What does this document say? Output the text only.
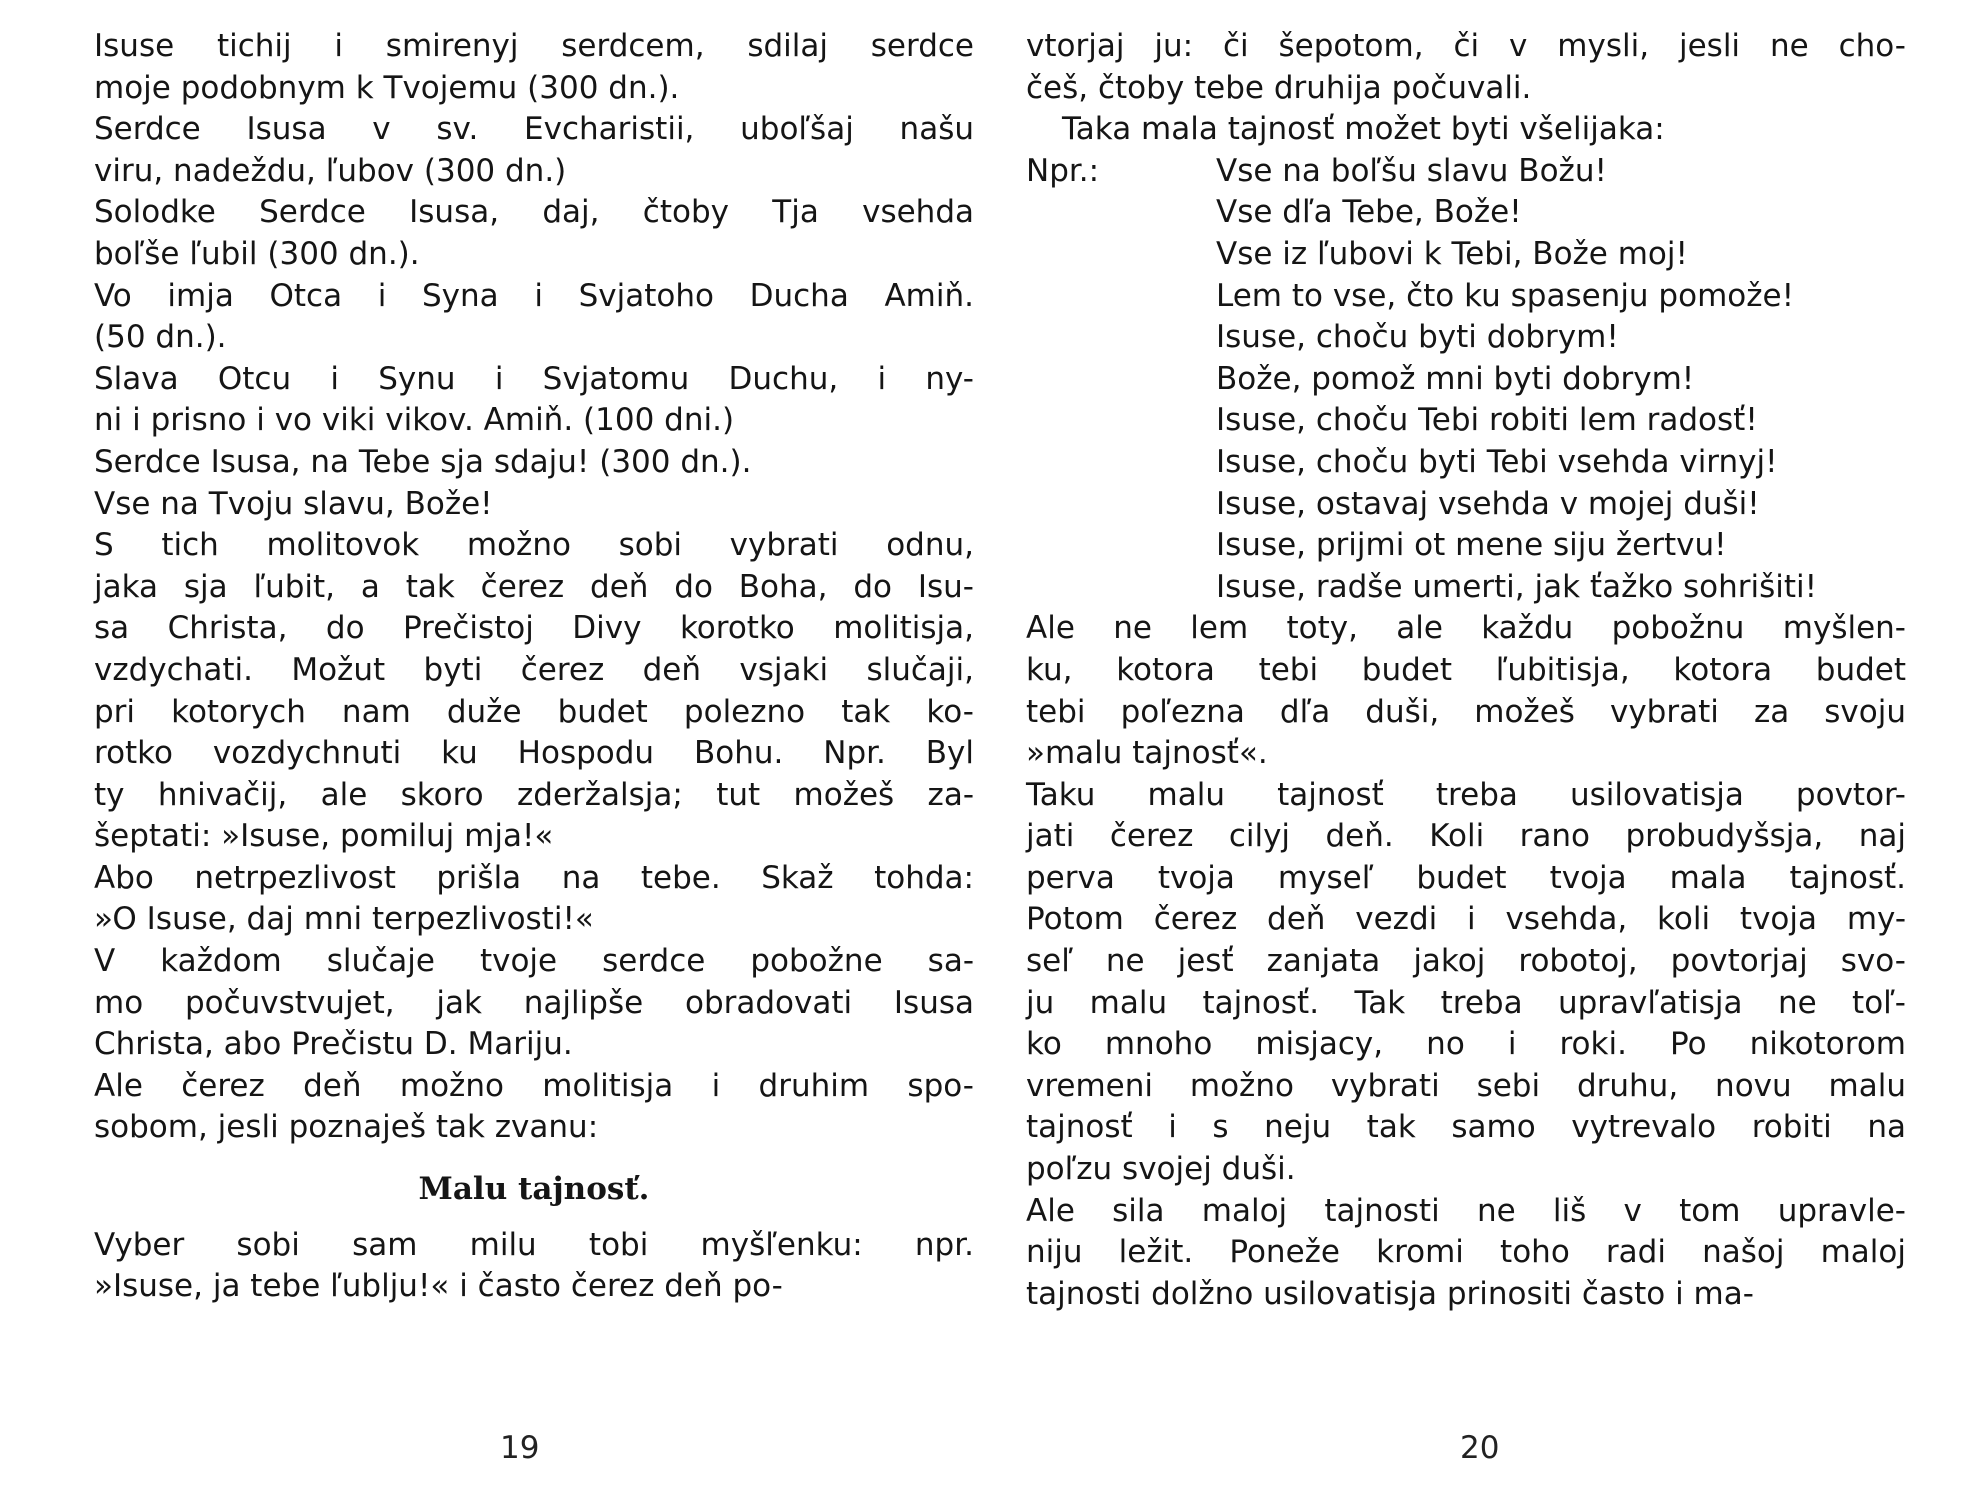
Isuse tichij i smirenyj serdcem, sdilaj serdce
moje podobnym k Tvojemu (300 dn.).
Serdce Isusa v sv. Evcharistii, uboľšaj našu
viru, nadeždu, ľubov (300 dn.)
Solodke Serdce Isusa, daj, čtoby Tja vsehda
boľše ľubil (300 dn.).
Vo imja Otca i Syna i Svjatoho Ducha Amiň.
(50 dn.).
Slava Otcu i Synu i Svjatomu Duchu, i ny-
ni i prisno i vo viki vikov. Amiň. (100 dni.)
Serdce Isusa, na Tebe sja sdaju! (300 dn.).
Vse na Tvoju slavu, Bože!
S tich molitovok možno sobi vybrati odnu,
jaka sja ľubit, a tak čerez deň do Boha, do Isu-
sa Christa, do Prečistoj Divy korotko molitisja,
vzdychati. Možut byti čerez deň vsjaki slučaji,
pri kotorych nam duže budet polezno tak ko-
rotko vozdychnuti ku Hospodu Bohu. Npr. Byl
ty hnivačij, ale skoro zderžalsja; tut možeš za-
šeptati: »Isuse, pomiluj mja!«
Abo netrpezlivost prišla na tebe. Skaž tohda:
»O Isuse, daj mni terpezlivosti!«
V každom slučaje tvoje serdce pobožne sa-
mo počuvstvujet, jak najlipše obradovati Isusa
Christa, abo Prečistu D. Mariju.
Ale čerez deň možno molitisja i druhim spo-
sobom, jesli poznaješ tak zvanu:
Malu tajnosť.
Vyber sobi sam milu tobi myšľenku: npr.
»Isuse, ja tebe ľublju!« i často čerez deň po-
vtorjaj ju: či šepotom, či v mysli, jesli ne cho-
češ, čtoby tebe druhija počuvali.
Taka mala tajnosť možet byti všelijaka:
Npr.:	Vse na boľšu slavu Božu!
Vse dľa Tebe, Bože!
Vse iz ľubovi k Tebi, Bože moj!
Lem to vse, čto ku spasenju pomože!
Isuse, choču byti dobrym!
Bože, pomož mni byti dobrym!
Isuse, choču Tebi robiti lem radosť!
Isuse, choču byti Tebi vsehda virnyj!
Isuse, ostavaj vsehda v mojej duši!
Isuse, prijmi ot mene siju žertvu!
Isuse, radše umerti, jak ťažko sohrišiti!
Ale ne lem toty, ale každu pobožnu myšlen-
ku, kotora tebi budet ľubitisja, kotora budet
tebi poľezna dľa duši, možeš vybrati za svoju
»malu tajnosť«.
Taku malu tajnosť treba usilovatisja povtor-
jati čerez cilyj deň. Koli rano probudyšsja, naj
perva tvoja myseľ budet tvoja mala tajnosť.
Potom čerez deň vezdi i vsehda, koli tvoja my-
seľ ne jesť zanjata jakoj robotoj, povtorjaj svo-
ju malu tajnosť. Tak treba upravľatisja ne toľ-
ko mnoho misjacy, no i roki. Po nikotorom
vremeni možno vybrati sebi druhu, novu malu
tajnosť i s neju tak samo vytrevalo robiti na
poľzu svojej duši.
Ale sila maloj tajnosti ne liš v tom upravle-
niju ležit. Poneže kromi toho radi našoj maloj
tajnosti dolžno usilovatisja prinositi často i ma-
19	20
